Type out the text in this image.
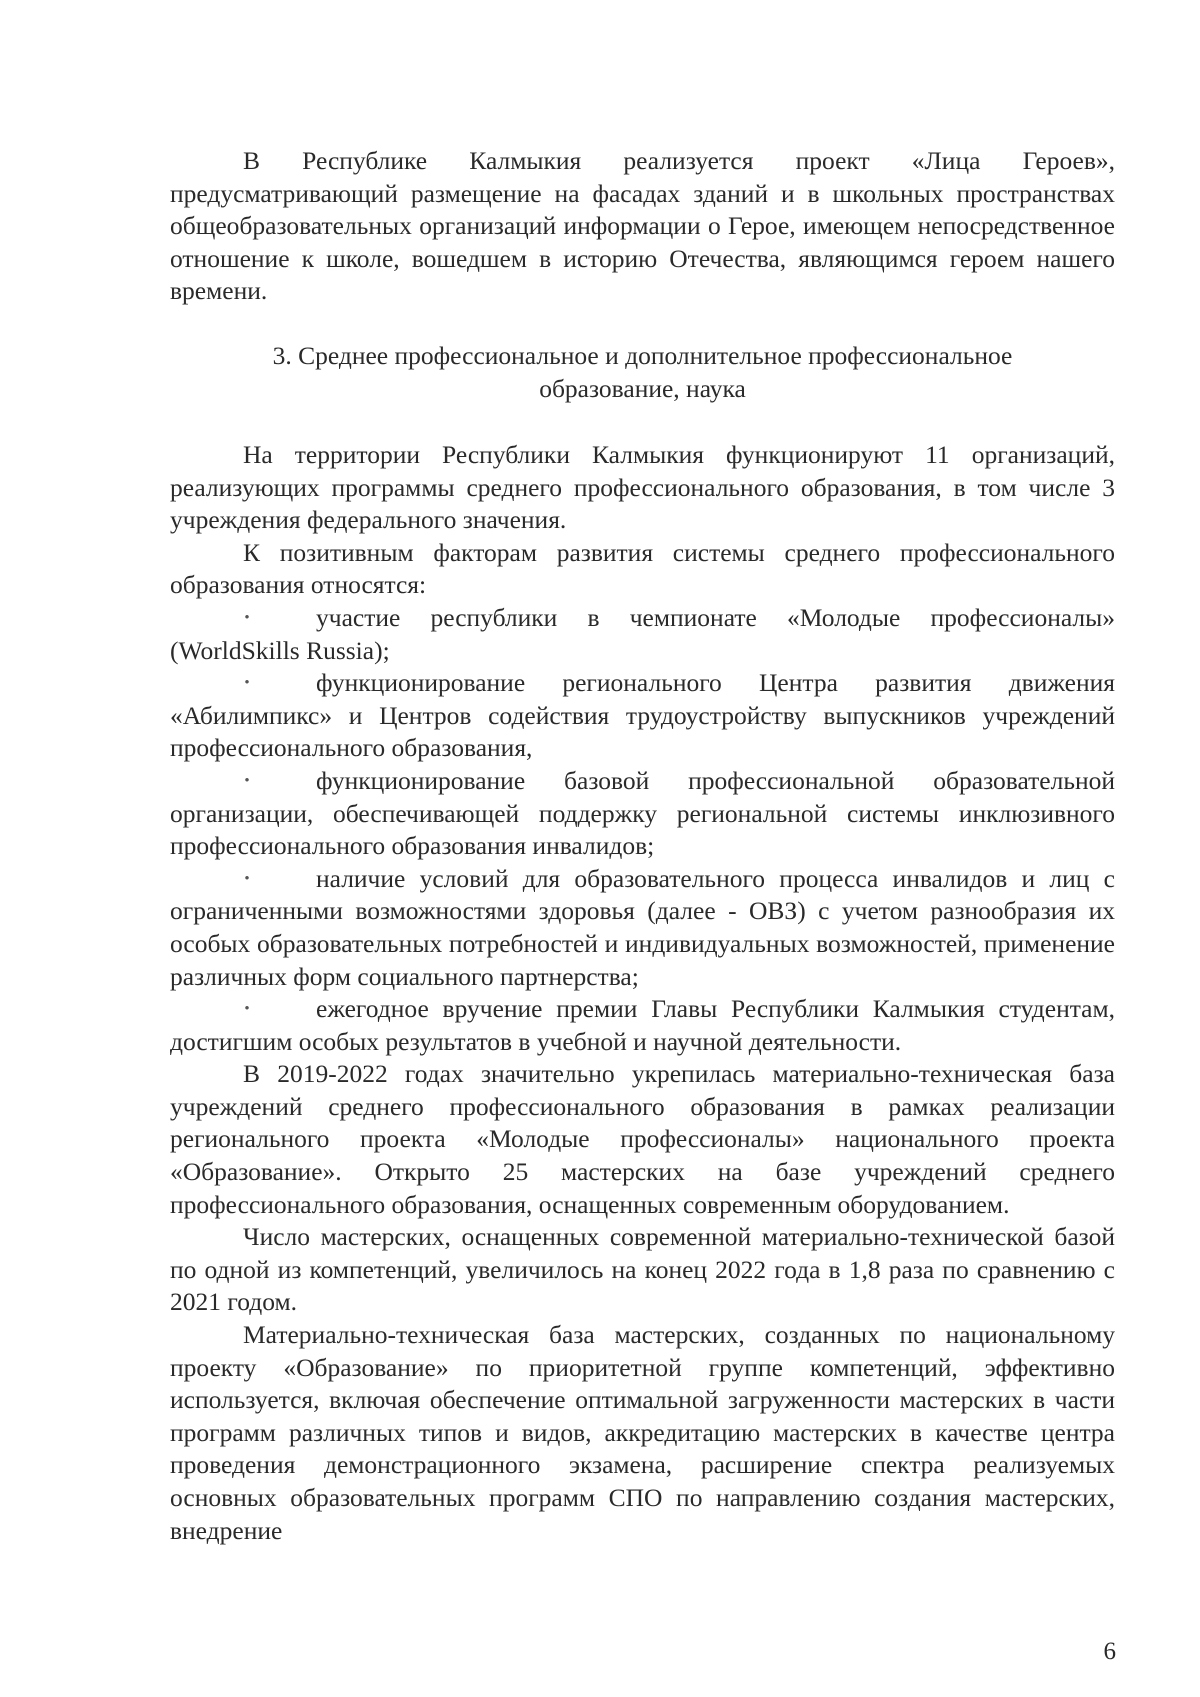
В Республике Калмыкия реализуется проект «Лица Героев», предусматривающий размещение на фасадах зданий и в школьных пространствах общеобразовательных организаций информации о Герое, имеющем непосредственное отношение к школе, вошедшем в историю Отечества, являющимся героем нашего времени.

3. Среднее профессиональное и дополнительное профессиональное
образование, наука

На территории Республики Калмыкия функционируют 11 организаций, реализующих программы среднего профессионального образования, в том числе 3 учреждения федерального значения.

К позитивным факторам развития системы среднего профессионального образования относятся:

•	участие республики в чемпионате «Молодые профессионалы» (WorldSkills Russia);

•	функционирование регионального Центра развития движения «Абилимпикс» и Центров содействия трудоустройству выпускников учреждений профессионального образования,

•	функционирование базовой профессиональной образовательной организации, обеспечивающей поддержку региональной системы инклюзивного профессионального образования инвалидов;

•	наличие условий для образовательного процесса инвалидов и лиц с ограниченными возможностями здоровья (далее - ОВЗ) с учетом разнообразия их особых образовательных потребностей и индивидуальных возможностей, применение различных форм социального партнерства;

•	ежегодное вручение премии Главы Республики Калмыкия студентам, достигшим особых результатов в учебной и научной деятельности.

В 2019-2022 годах значительно укрепилась материально-техническая база учреждений среднего профессионального образования в рамках реализации регионального проекта «Молодые профессионалы» национального проекта «Образование». Открыто 25 мастерских на базе учреждений среднего профессионального образования, оснащенных современным оборудованием.

Число мастерских, оснащенных современной материально-технической базой по одной из компетенций, увеличилось на конец 2022 года в 1,8 раза по сравнению с 2021 годом.

Материально-техническая база мастерских, созданных по национальному проекту «Образование» по приоритетной группе компетенций, эффективно используется, включая обеспечение оптимальной загруженности мастерских в части программ различных типов и видов, аккредитацию мастерских в качестве центра проведения демонстрационного экзамена, расширение спектра реализуемых основных образовательных программ СПО по направлению создания мастерских, внедрение

6
